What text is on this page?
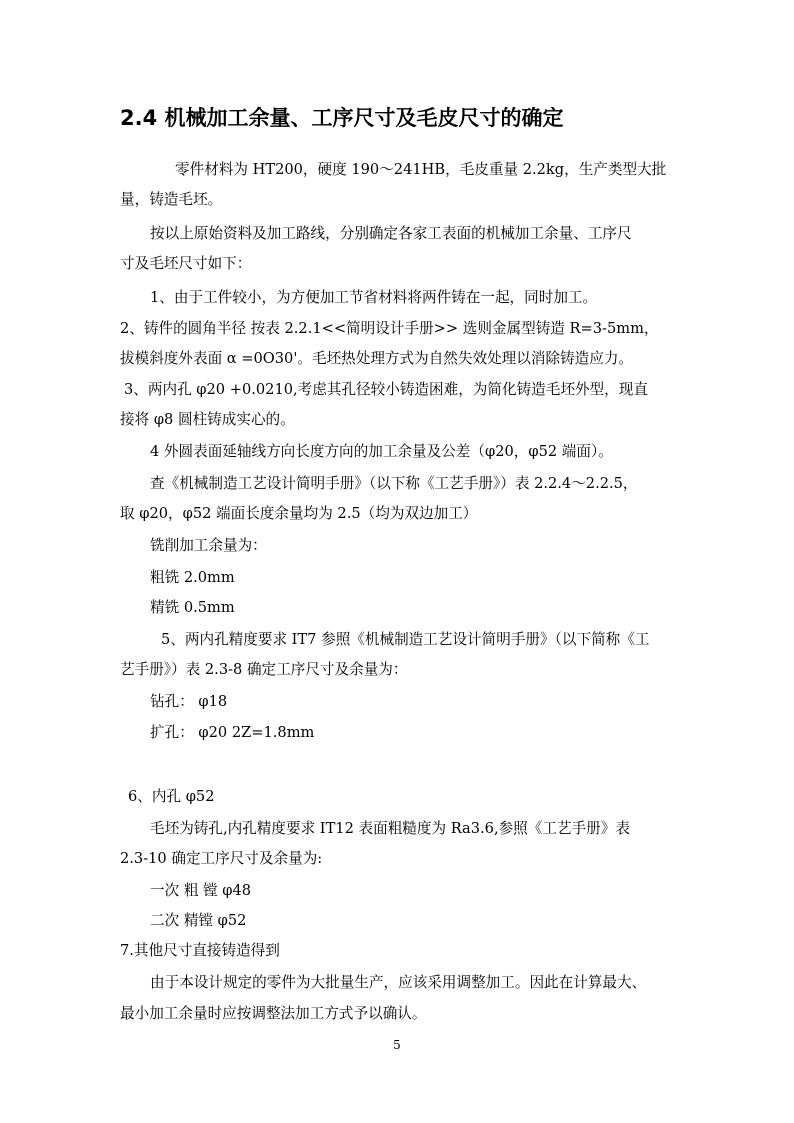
2.4 机械加工余量、工序尺寸及毛皮尺寸的确定
零件材料为 HT200，硬度 190～241HB，毛皮重量 2.2kg，生产类型大批
量，铸造毛坯。
按以上原始资料及加工路线，分别确定各家工表面的机械加工余量、工序尺
寸及毛坯尺寸如下：
1、由于工件较小，为方便加工节省材料将两件铸在一起，同时加工。
2、铸件的圆角半径 按表 2.2.1<<简明设计手册>> 选则金属型铸造 R=3-5mm，
拔模斜度外表面 α =0O30'。毛坯热处理方式为自然失效处理以消除铸造应力。
3、两内孔 φ20 +0.0210,考虑其孔径较小铸造困难，为简化铸造毛坯外型，现直
接将 φ8 圆柱铸成实心的。
4 外圆表面延轴线方向长度方向的加工余量及公差（φ20，φ52 端面）。
查《机械制造工艺设计简明手册》（以下称《工艺手册》）表 2.2.4～2.2.5，
取 φ20，φ52 端面长度余量均为 2.5（均为双边加工）
铣削加工余量为：
粗铣 2.0mm
精铣 0.5mm
5、两内孔精度要求 IT7 参照《机械制造工艺设计简明手册》（以下简称《工
艺手册》）表 2.3-8 确定工序尺寸及余量为：
钻孔： φ18
扩孔： φ20 2Z=1.8mm
6、内孔 φ52
毛坯为铸孔,内孔精度要求 IT12 表面粗糙度为 Ra3.6,参照《工艺手册》表
2.3-10 确定工序尺寸及余量为:
一次 粗 镗 φ48
二次 精镗 φ52
7.其他尺寸直接铸造得到
由于本设计规定的零件为大批量生产，应该采用调整加工。因此在计算最大、
最小加工余量时应按调整法加工方式予以确认。
5
